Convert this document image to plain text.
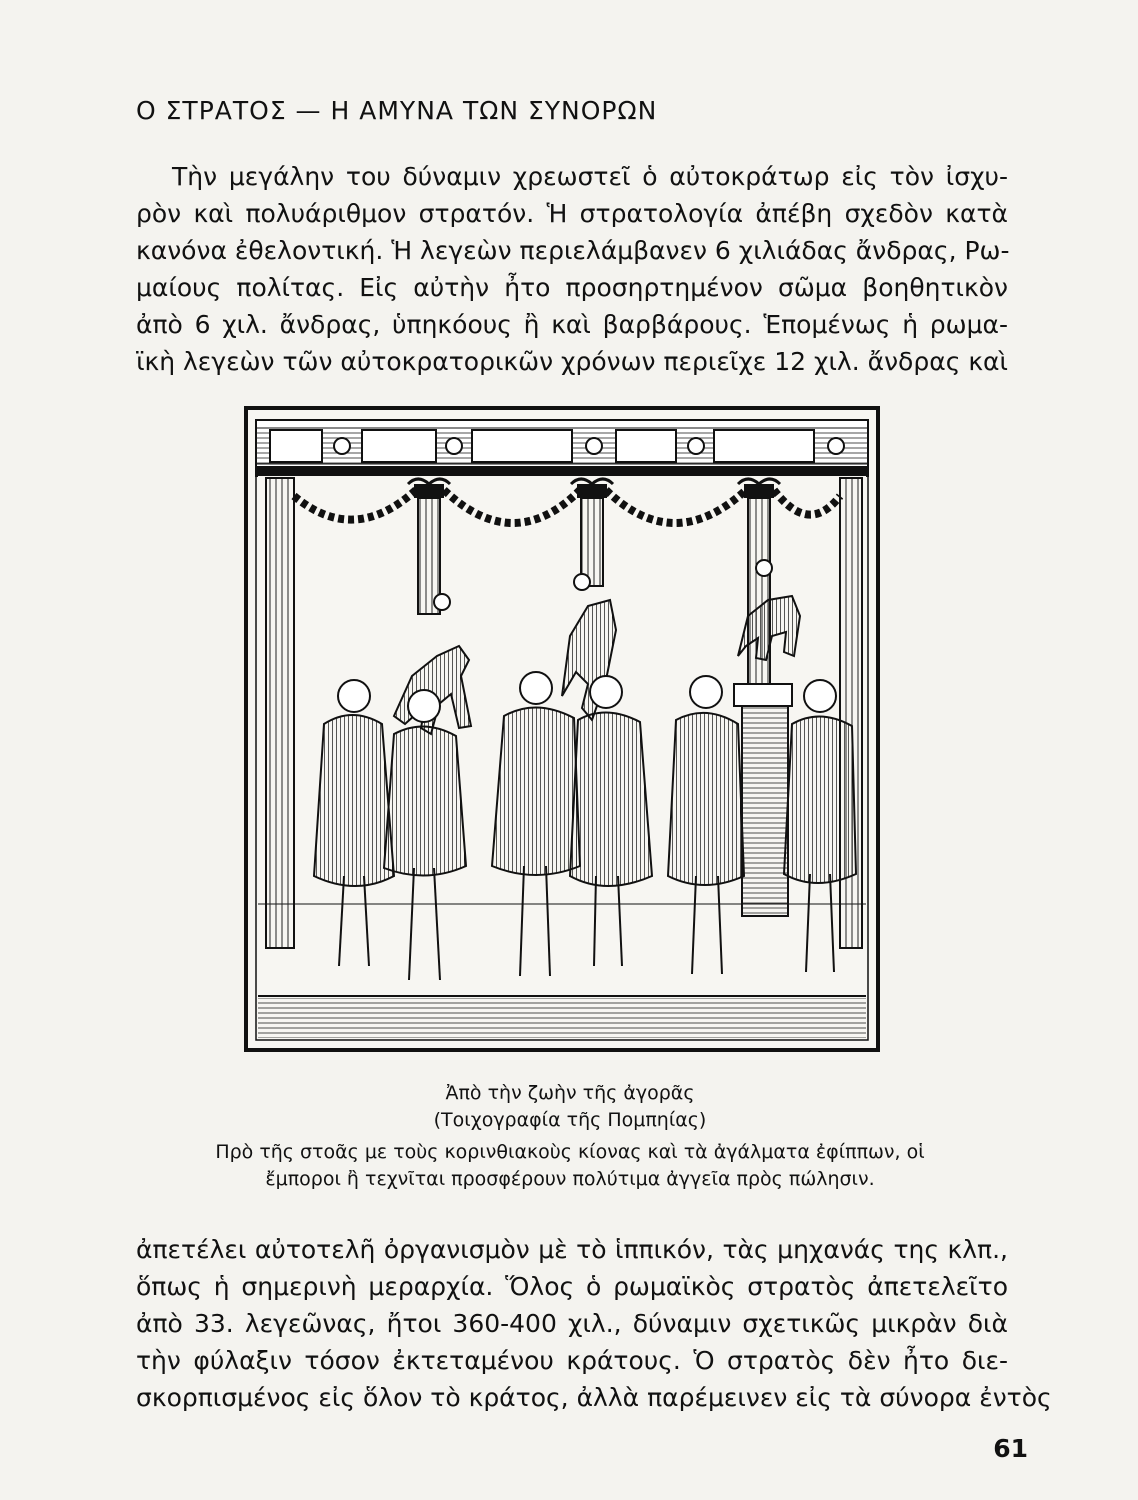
Ο ΣΤΡΑΤΟΣ — Η ΑΜΥΝΑ ΤΩΝ ΣΥΝΟΡΩΝ
Τὴν μεγάλην του δύναμιν χρεωστεῖ ὁ αὐτοκράτωρ εἰς τὸν ἰσχυ-
ρὸν καὶ πολυάριθμον στρατόν. Ἡ στρατολογία ἀπέβη σχεδὸν κατὰ
κανόνα ἐθελοντική. Ἡ λεγεὼν περιελάμβανεν 6 χιλιάδας ἄνδρας, Ρω-
μαίους πολίτας. Εἰς αὐτὴν ἦτο προσηρτημένον σῶμα βοηθητικὸν
ἀπὸ 6 χιλ. ἄνδρας, ὑπηκόους ἢ καὶ βαρβάρους. Ἑπομένως ἡ ρωμα-
ϊκὴ λεγεὼν τῶν αὐτοκρατορικῶν χρόνων περιεῖχε 12 χιλ. ἄνδρας καὶ

Ἀπὸ τὴν ζωὴν τῆς ἀγορᾶς

(Τοιχογραφία τῆς Πομπηίας)

Πρὸ τῆς στοᾶς με τοὺς κορινθιακοὺς κίονας καὶ τὰ ἀγάλματα ἐφίππων, οἱ
ἔμποροι ἢ τεχνῖται προσφέρουν πολύτιμα ἀγγεῖα πρὸς πώλησιν.

ἀπετέλει αὐτοτελῆ ὀργανισμὸν μὲ τὸ ἱππικόν, τὰς μηχανάς της κλπ.,
ὅπως ἡ σημερινὴ μεραρχία. Ὅλος ὁ ρωμαϊκὸς στρατὸς ἀπετελεῖτο
ἀπὸ 33. λεγεῶνας, ἤτοι 360-400 χιλ., δύναμιν σχετικῶς μικρὰν διὰ
τὴν φύλαξιν τόσον ἐκτεταμένου κράτους. Ὁ στρατὸς δὲν ἦτο διε-
σκορπισμένος εἰς ὅλον τὸ κράτος, ἀλλὰ παρέμεινεν εἰς τὰ σύνορα ἐντὸς
61
